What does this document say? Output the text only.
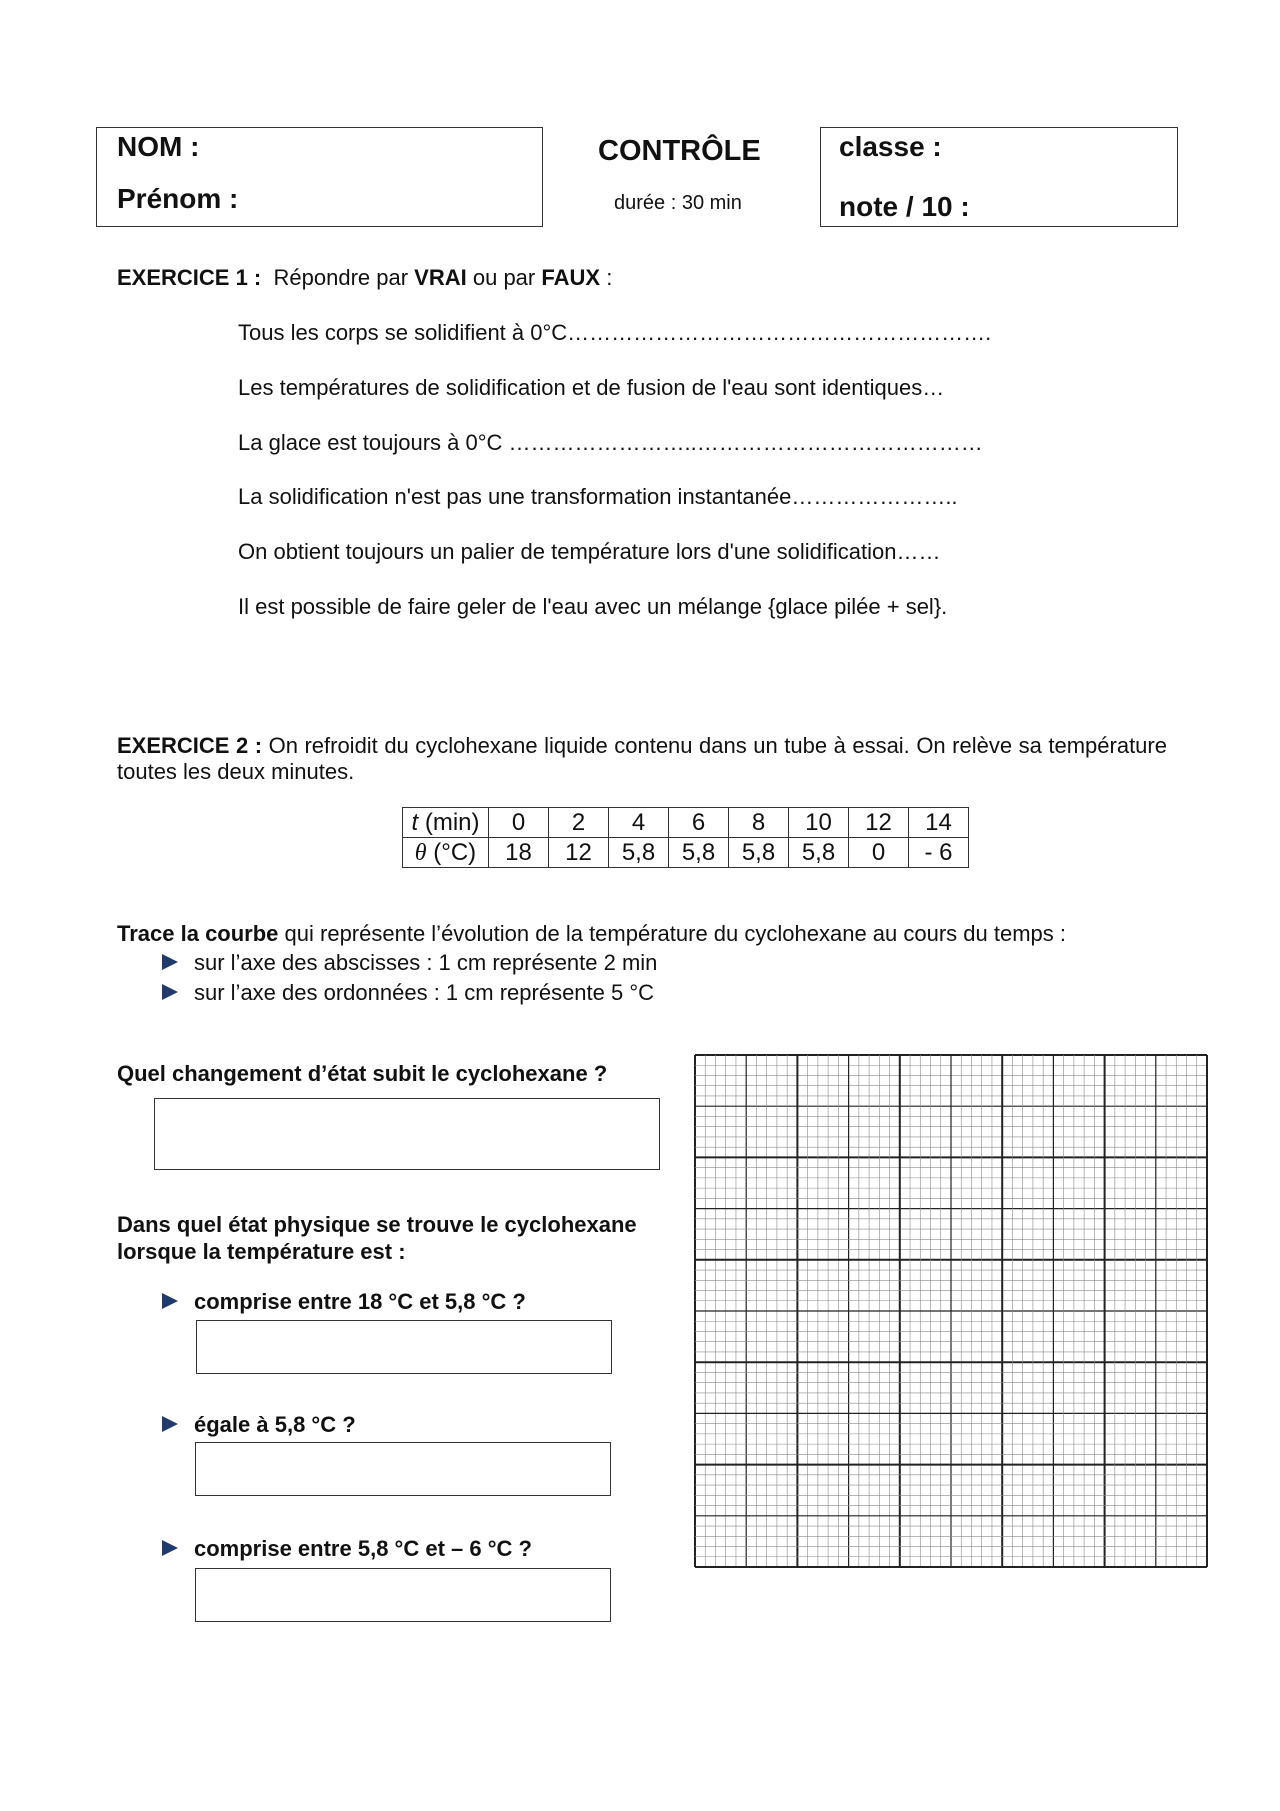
NOM :
Prénom :
CONTRÔLE
durée : 30 min
classe :
note / 10 :
EXERCICE 1 : Répondre par VRAI ou par FAUX :
Tous les corps se solidifient à 0°C………………………………………………….
Les températures de solidification et de fusion de l'eau sont identiques…
La glace est toujours à 0°C ……………………..…………………………………
La solidification n'est pas une transformation instantanée…………………..
On obtient toujours un palier de température lors d'une solidification……
Il est possible de faire geler de l'eau avec un mélange {glace pilée + sel}.
EXERCICE 2 : On refroidit du cyclohexane liquide contenu dans un tube à essai. On relève sa température toutes les deux minutes.
t (min)	0	2	4	6	8	10	12	14
θ (°C)	18	12	5,8	5,8	5,8	5,8	0	- 6
Trace la courbe qui représente l’évolution de la température du cyclohexane au cours du temps :
sur l’axe des abscisses : 1 cm représente 2 min
sur l’axe des ordonnées : 1 cm représente 5 °C
Quel changement d’état subit le cyclohexane ?
Dans quel état physique se trouve le cyclohexane
lorsque la température est :
comprise entre 18 °C et 5,8 °C ?
égale à 5,8 °C ?
comprise entre 5,8 °C et – 6 °C ?
